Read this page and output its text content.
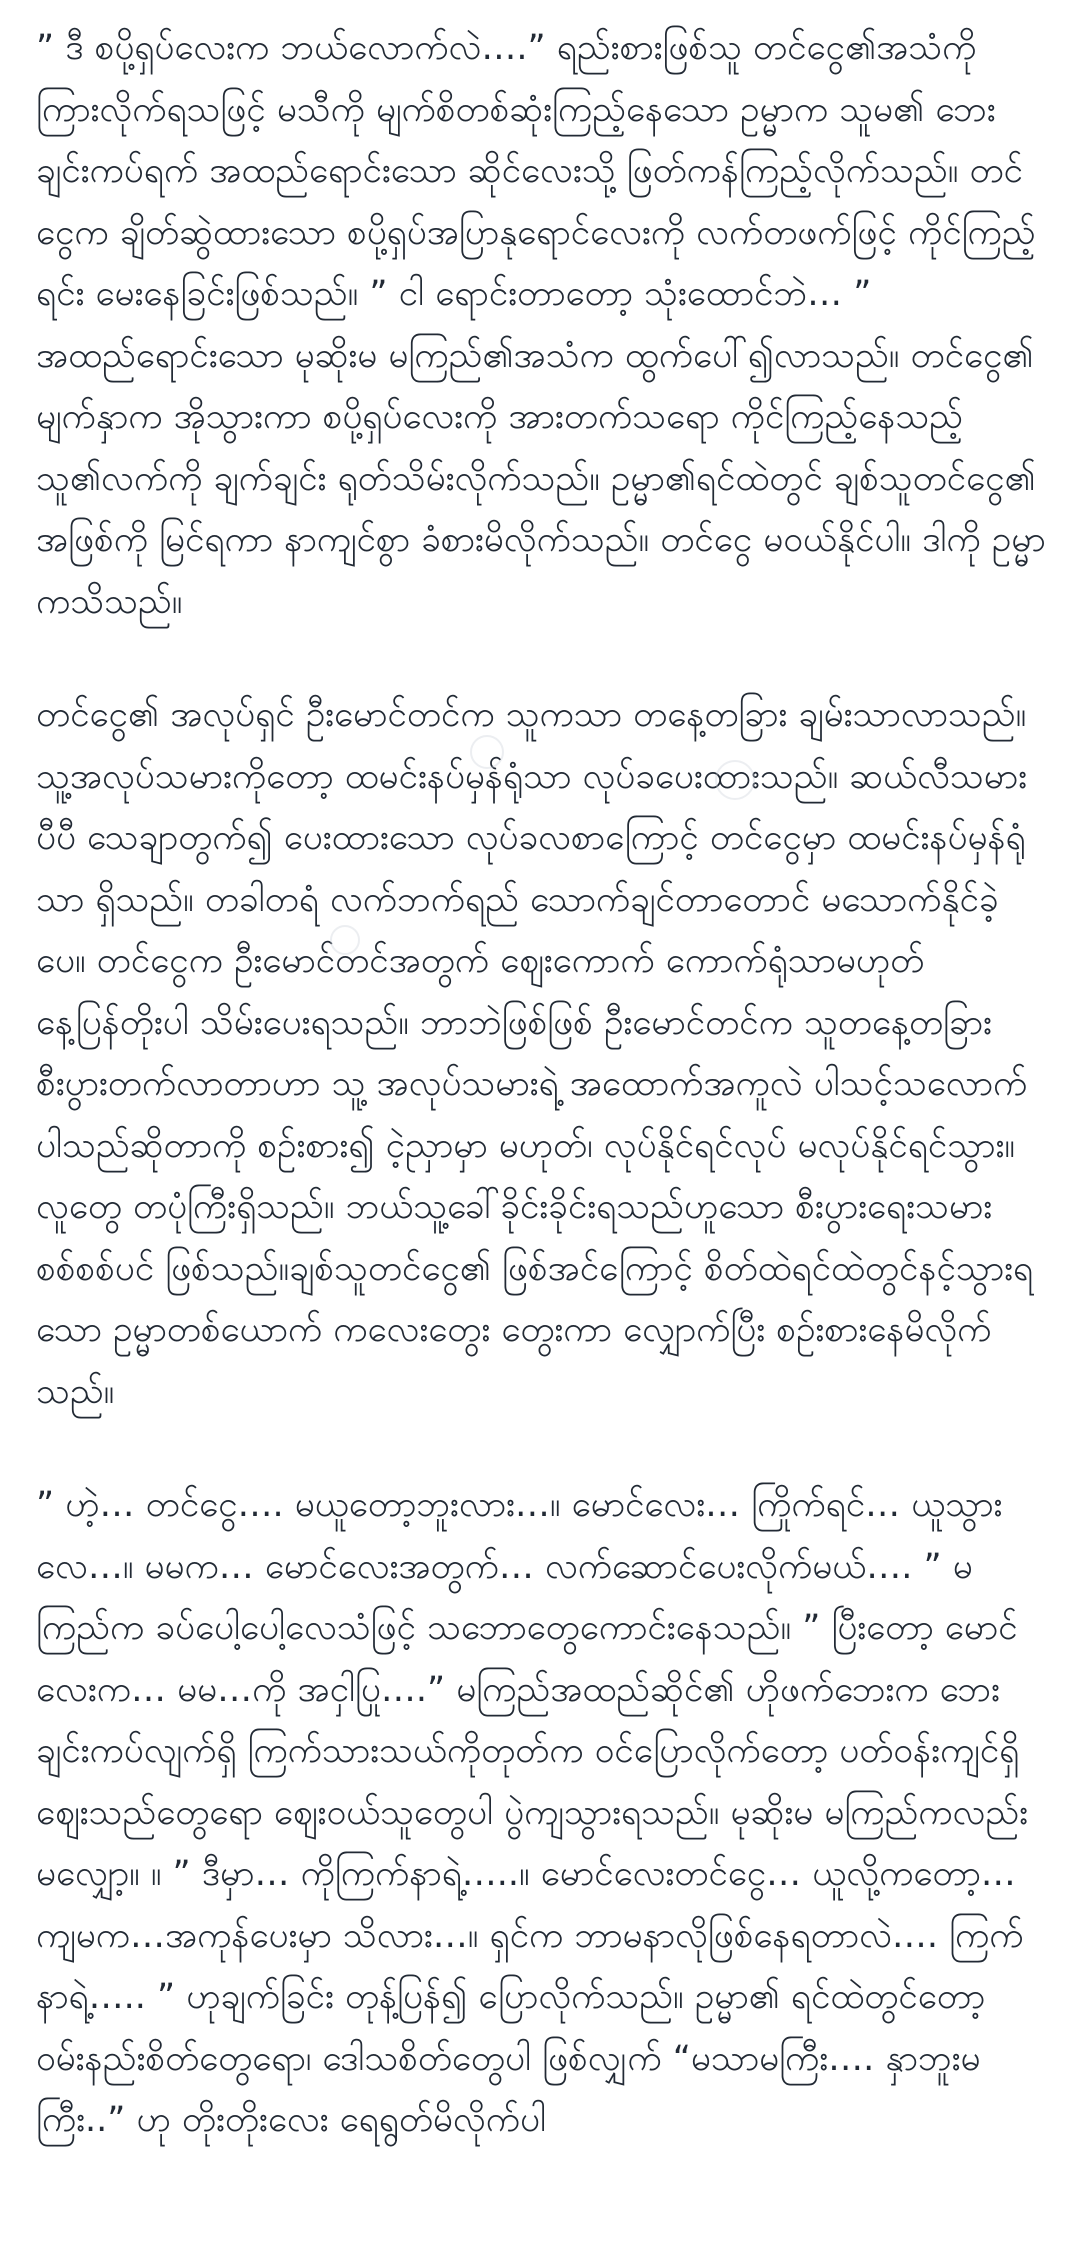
” ဒီ စပို့ရှပ်လေးက ဘယ်လောက်လဲ….” ရည်းစားဖြစ်သူ တင်ငွေ၏အသံကို ကြားလိုက်ရသဖြင့် မသီကို မျက်စိတစ်ဆုံးကြည့်နေသော ဥမ္မာက သူမ၏ ဘေးချင်းကပ်ရက် အထည်ရောင်းသော ဆိုင်လေးသို့ ဖြတ်ကန်ကြည့်လိုက်သည်။ တင်ငွေက ချိတ်ဆွဲထားသော စပို့ရှပ်အပြာနုရောင်လေးကို လက်တဖက်ဖြင့် ကိုင်ကြည့်ရင်း မေးနေခြင်းဖြစ်သည်။ ” ငါ ရောင်းတာတော့ သုံးထောင်ဘဲ… ” အထည်ရောင်းသော မုဆိုးမ မကြည်၏အသံက ထွက်ပေါ်၍လာသည်။ တင်ငွေ၏ မျက်နှာက အိုသွားကာ စပို့ရှပ်လေးကို အားတက်သရော ကိုင်ကြည့်နေသည့် သူ၏လက်ကို ချက်ချင်း ရုတ်သိမ်းလိုက်သည်။ ဥမ္မာ၏ရင်ထဲတွင် ချစ်သူတင်ငွေ၏ အဖြစ်ကို မြင်ရကာ နာကျင်စွာ ခံစားမိလိုက်သည်။ တင်ငွေ မဝယ်နိုင်ပါ။ ဒါကို ဥမ္မာကသိသည်။

တင်ငွေ၏ အလုပ်ရှင် ဦးမောင်တင်က သူကသာ တနေ့တခြား ချမ်းသာလာသည်။ သူ့အလုပ်သမားကိုတော့ ထမင်းနပ်မှန်ရုံသာ လုပ်ခပေးထားသည်။ ဆယ်လီသမားပီပီ သေချာတွက်၍ ပေးထားသော လုပ်ခလစာကြောင့် တင်ငွေမှာ ထမင်းနပ်မှန်ရုံသာ ရှိသည်။ တခါတရံ လက်ဘက်ရည် သောက်ချင်တာတောင် မသောက်နိုင်ခဲ့ပေ။ တင်ငွေက ဦးမောင်တင်အတွက် ဈေးကောက် ကောက်ရုံသာမဟုတ် နေ့ပြန်တိုးပါ သိမ်းပေးရသည်။ ဘာဘဲဖြစ်ဖြစ် ဦးမောင်တင်က သူတနေ့တခြား စီးပွားတက်လာတာဟာ သူ့ အလုပ်သမားရဲ့ အထောက်အကူလဲ ပါသင့်သလောက် ပါသည်ဆိုတာကို စဉ်းစား၍ ငဲ့ညှာမှာ မဟုတ်၊ လုပ်နိုင်ရင်လုပ် မလုပ်နိုင်ရင်သွား။ လူတွေ တပုံကြီးရှိသည်။ ဘယ်သူ့ခေါ်ခိုင်းခိုင်းရသည်ဟူသော စီးပွားရေးသမားစစ်စစ်ပင် ဖြစ်သည်။ချစ်သူတင်ငွေ၏ ဖြစ်အင်ကြောင့် စိတ်ထဲရင်ထဲတွင်နင့်သွားရသော ဥမ္မာတစ်ယောက် ကလေးတွေး တွေးကာ လျှောက်ပြီး စဉ်းစားနေမိလိုက်သည်။

” ဟဲ့… တင်ငွေ…. မယူတော့ဘူးလား…။ မောင်လေး… ကြိုက်ရင်… ယူသွားလေ…။ မမက… မောင်လေးအတွက်… လက်ဆောင်ပေးလိုက်မယ်…. ” မကြည်က ခပ်ပေါ့ပေါ့လေသံဖြင့် သဘောတွေကောင်းနေသည်။ ” ပြီးတော့ မောင်လေးက… မမ…ကို အငှါပြု….” မကြည်အထည်ဆိုင်၏ ဟိုဖက်ဘေးက ဘေးချင်းကပ်လျက်ရှိ ကြက်သားသယ်ကိုတုတ်က ဝင်ပြောလိုက်တော့ ပတ်ဝန်းကျင်ရှိ ဈေးသည်တွေရော ဈေးဝယ်သူတွေပါ ပွဲကျသွားရသည်။ မုဆိုးမ မကြည်ကလည်း မလျှော့။ ။ ” ဒီမှာ… ကိုကြက်နာရဲ့…..။ မောင်လေးတင်ငွေ… ယူလို့ကတော့… ကျမက…အကုန်ပေးမှာ သိလား…။ ရှင်က ဘာမနာလိုဖြစ်နေရတာလဲ…. ကြက်နာရဲ့….. ” ဟုချက်ခြင်း တုန့်ပြန်၍ ပြောလိုက်သည်။ ဥမ္မာ၏ ရင်ထဲတွင်တော့ ဝမ်းနည်းစိတ်တွေရော၊ ဒေါသစိတ်တွေပါ ဖြစ်လျှက် “မသာမကြီး…. နှာဘူးမကြီး..” ဟု တိုးတိုးလေး ရေရွတ်မိလိုက်ပါ
